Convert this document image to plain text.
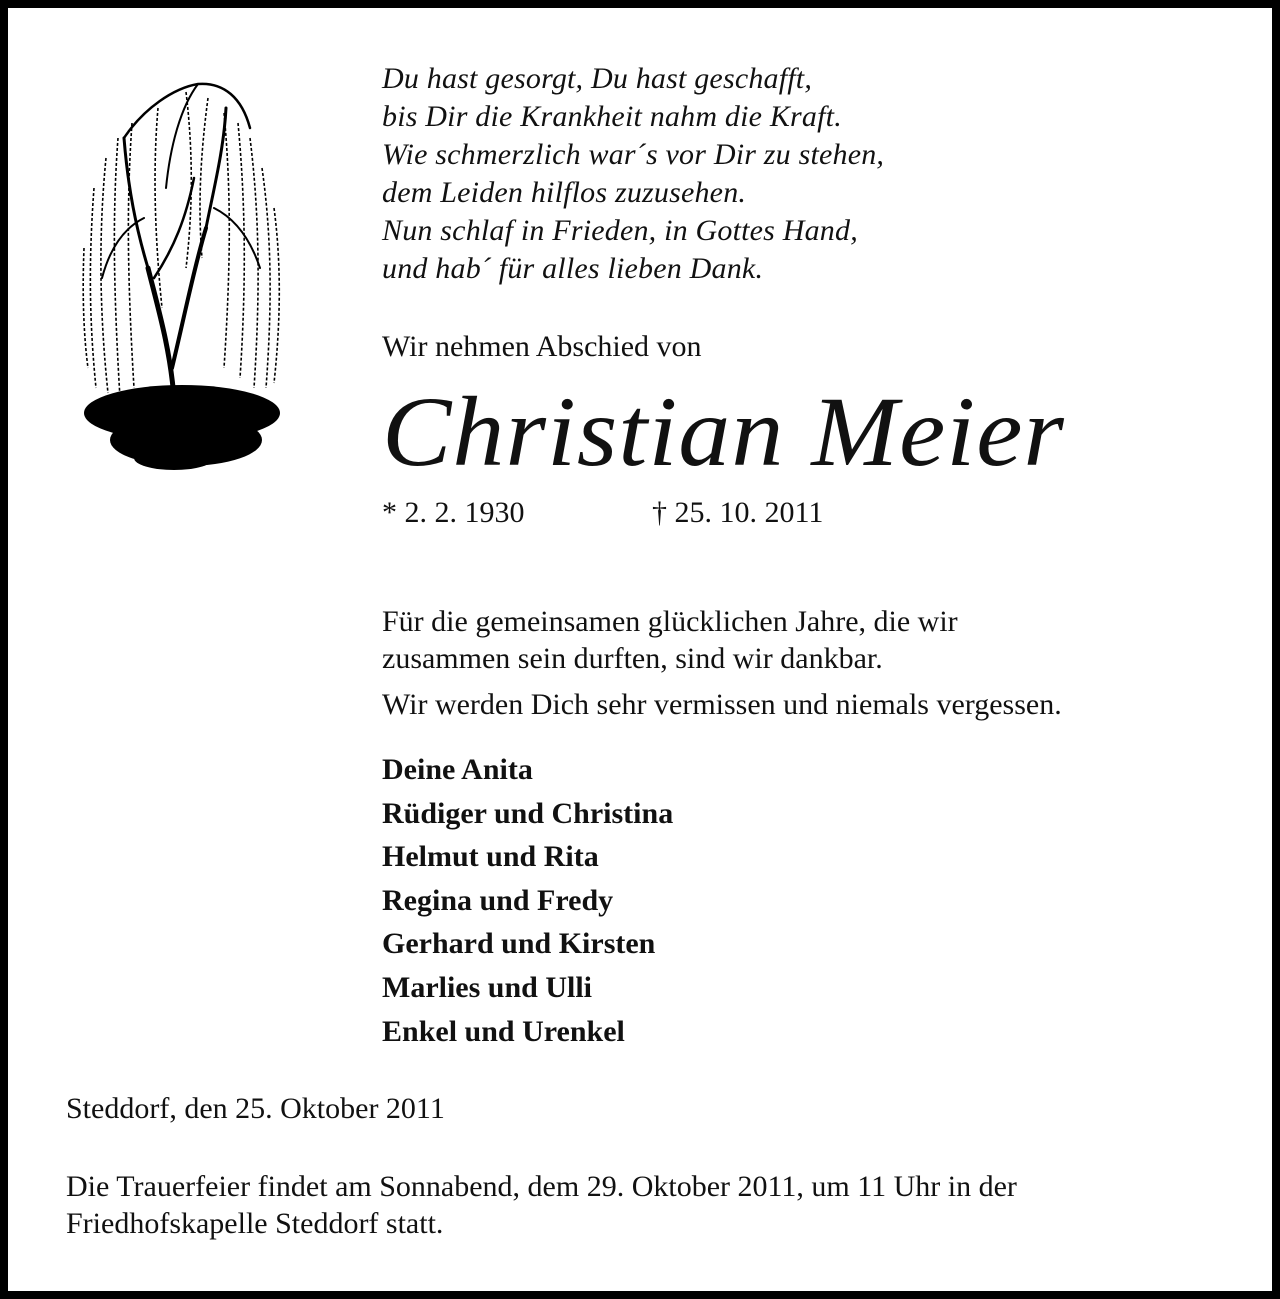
Du hast gesorgt, Du hast geschafft,
bis Dir die Krankheit nahm die Kraft.
Wie schmerzlich war´s vor Dir zu stehen,
dem Leiden hilflos zuzusehen.
Nun schlaf in Frieden, in Gottes Hand,
und hab´ für alles lieben Dank.
Wir nehmen Abschied von
Christian Meier
* 2. 2. 1930	† 25. 10. 2011
Für die gemeinsamen glücklichen Jahre, die wir
zusammen sein durften, sind wir dankbar.
Wir werden Dich sehr vermissen und niemals vergessen.
Deine Anita
Rüdiger und Christina
Helmut und Rita
Regina und Fredy
Gerhard und Kirsten
Marlies und Ulli
Enkel und Urenkel
Steddorf, den 25. Oktober 2011
Die Trauerfeier findet am Sonnabend, dem 29. Oktober 2011, um 11 Uhr in der
Friedhofskapelle Steddorf statt.
